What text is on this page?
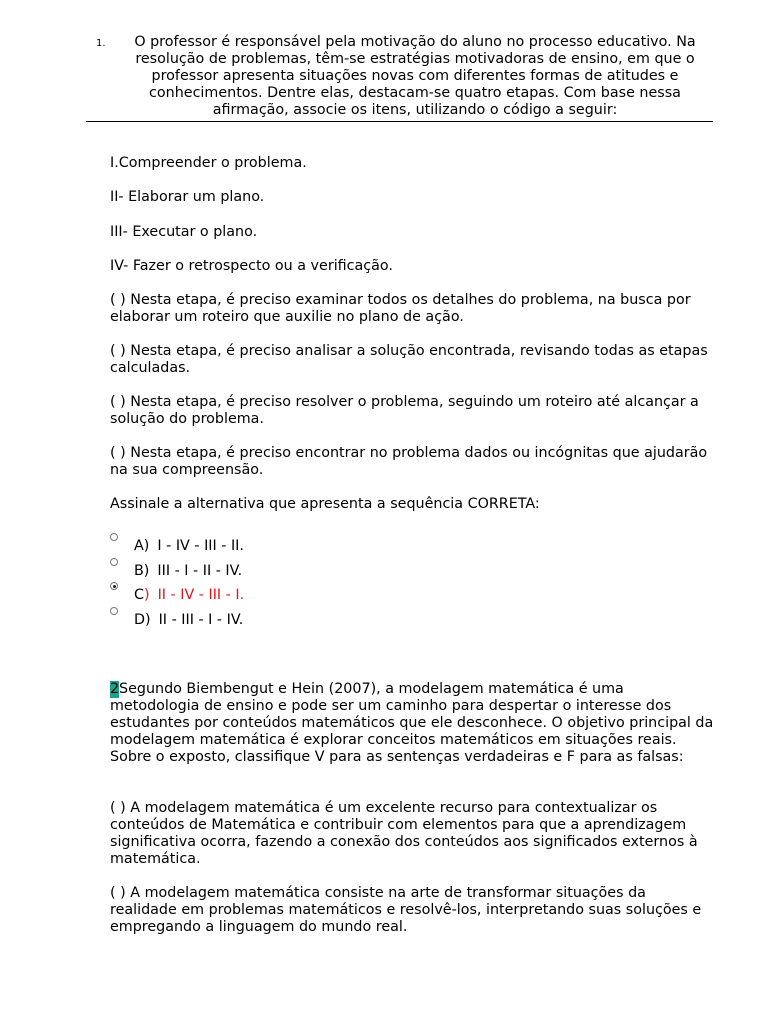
1.	O professor é responsável pela motivação do aluno no processo educativo. Na resolução de problemas, têm-se estratégias motivadoras de ensino, em que o professor apresenta situações novas com diferentes formas de atitudes e conhecimentos. Dentre elas, destacam-se quatro etapas. Com base nessa afirmação, associe os itens, utilizando o código a seguir:
I.Compreender o problema.
II- Elaborar um plano.
III- Executar o plano.
IV- Fazer o retrospecto ou a verificação.
( ) Nesta etapa, é preciso examinar todos os detalhes do problema, na busca por elaborar um roteiro que auxilie no plano de ação.
( ) Nesta etapa, é preciso analisar a solução encontrada, revisando todas as etapas calculadas.
( ) Nesta etapa, é preciso resolver o problema, seguindo um roteiro até alcançar a solução do problema.
( ) Nesta etapa, é preciso encontrar no problema dados ou incógnitas que ajudarão na sua compreensão.
Assinale a alternativa que apresenta a sequência CORRETA:
A) I - IV - III - II.
B) III - I - II - IV.
C) II - IV - III - I.
D) II - III - I - IV.
2Segundo Biembengut e Hein (2007), a modelagem matemática é uma metodologia de ensino e pode ser um caminho para despertar o interesse dos estudantes por conteúdos matemáticos que ele desconhece. O objetivo principal da modelagem matemática é explorar conceitos matemáticos em situações reais. Sobre o exposto, classifique V para as sentenças verdadeiras e F para as falsas:
( ) A modelagem matemática é um excelente recurso para contextualizar os conteúdos de Matemática e contribuir com elementos para que a aprendizagem significativa ocorra, fazendo a conexão dos conteúdos aos significados externos à matemática.
( ) A modelagem matemática consiste na arte de transformar situações da realidade em problemas matemáticos e resolvê-los, interpretando suas soluções e empregando a linguagem do mundo real.
